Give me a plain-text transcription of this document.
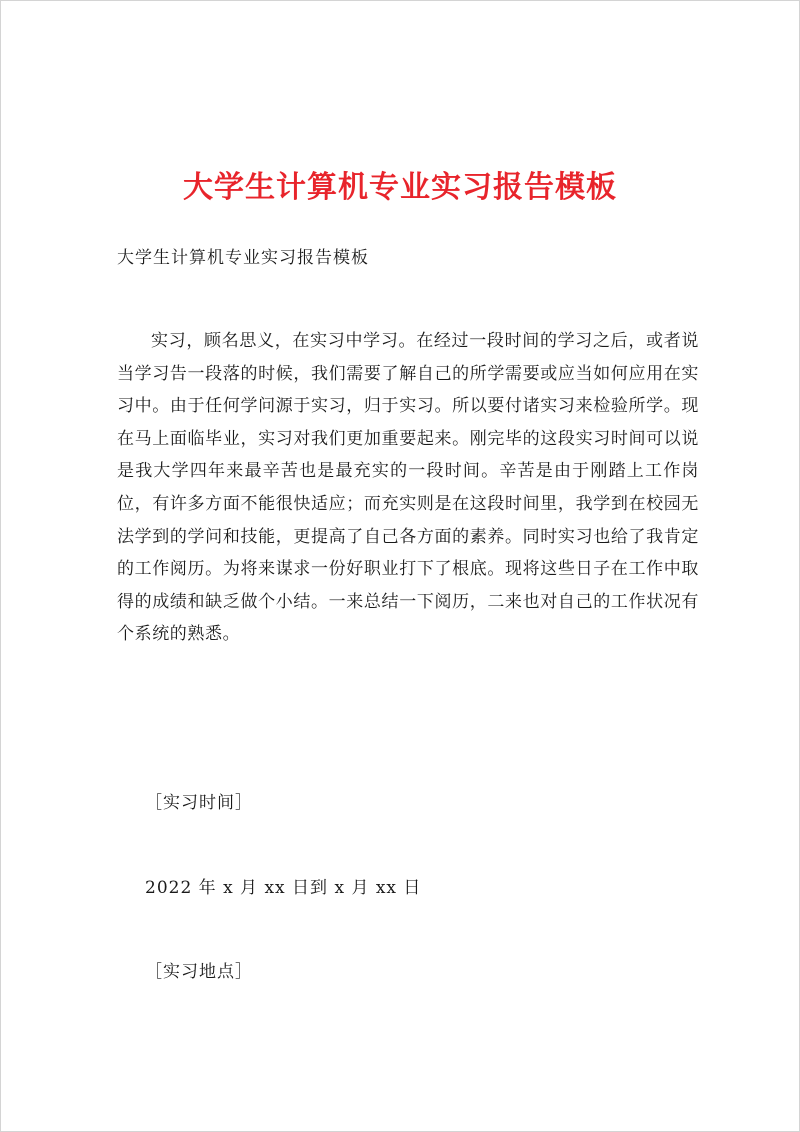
大学生计算机专业实习报告模板

大学生计算机专业实习报告模板

实习，顾名思义，在实习中学习。在经过一段时间的学习之后，或者说当学习告一段落的时候，我们需要了解自己的所学需要或应当如何应用在实习中。由于任何学问源于实习，归于实习。所以要付诸实习来检验所学。现在马上面临毕业，实习对我们更加重要起来。刚完毕的这段实习时间可以说是我大学四年来最辛苦也是最充实的一段时间。辛苦是由于刚踏上工作岗位，有许多方面不能很快适应；而充实则是在这段时间里，我学到在校园无法学到的学问和技能，更提高了自己各方面的素养。同时实习也给了我肯定的工作阅历。为将来谋求一份好职业打下了根底。现将这些日子在工作中取得的成绩和缺乏做个小结。一来总结一下阅历，二来也对自己的工作状况有个系统的熟悉。

［实习时间］

2022 年 x 月 xx 日到 x 月 xx 日

［实习地点］
